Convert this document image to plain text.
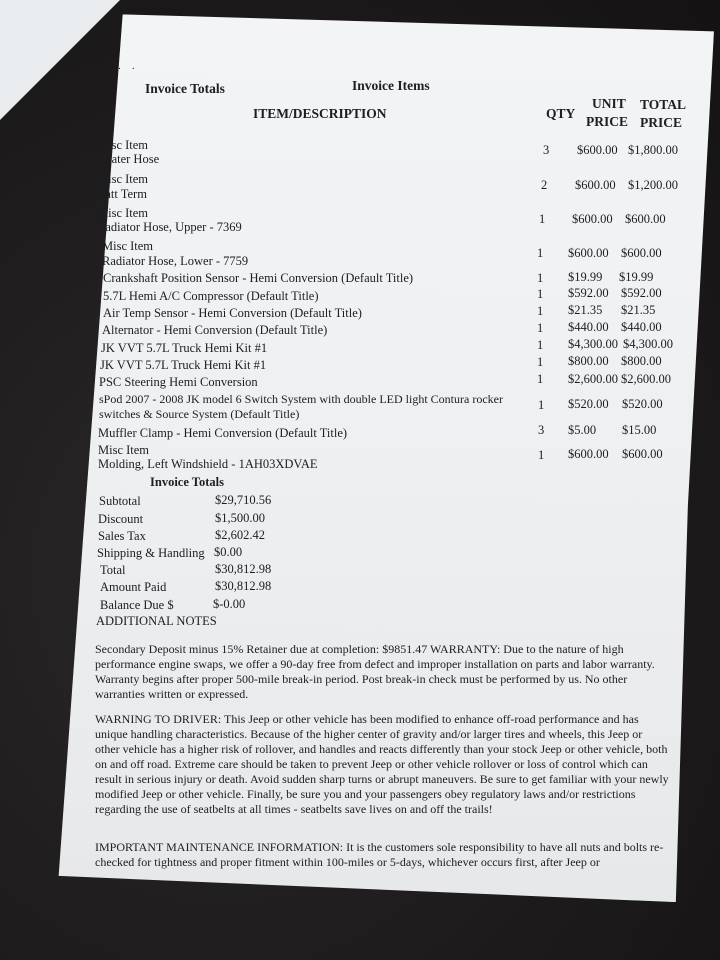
· · ·
Invoice Totals	Invoice Items
ITEM/DESCRIPTION	QTY
UNIT
PRICE
TOTAL
PRICE
Misc Item
Heater Hose
3 $600.00 $1,800.00
Misc Item
Batt Term
2 $600.00 $1,200.00
Misc Item
Radiator Hose, Upper - 7369
1 $600.00 $600.00
Misc Item
Radiator Hose, Lower - 7759
1 $600.00 $600.00
Crankshaft Position Sensor - Hemi Conversion (Default Title)	1 $19.99 $19.99
5.7L Hemi A/C Compressor (Default Title)	1 $592.00 $592.00
Air Temp Sensor - Hemi Conversion (Default Title)	1 $21.35 $21.35
Alternator - Hemi Conversion (Default Title)	1 $440.00 $440.00
JK VVT 5.7L Truck Hemi Kit #1	1 $4,300.00 $4,300.00
JK VVT 5.7L Truck Hemi Kit #1	1 $800.00 $800.00
PSC Steering Hemi Conversion	1 $2,600.00 $2,600.00
sPod 2007 - 2008 JK model 6 Switch System with double LED light Contura rocker
switches & Source System (Default Title)
1 $520.00 $520.00
Muffler Clamp - Hemi Conversion (Default Title)	3 $5.00 $15.00
Misc Item
Molding, Left Windshield - 1AH03XDVAE
1 $600.00 $600.00
Invoice Totals
Subtotal	$29,710.56
Discount	$1,500.00
Sales Tax	$2,602.42
Shipping & Handling $0.00
Total	$30,812.98
Amount Paid	$30,812.98
Balance Due $	$-0.00
ADDITIONAL NOTES
Secondary Deposit minus 15% Retainer due at completion: $9851.47 WARRANTY: Due to the nature of high performance engine swaps, we offer a 90-day free from defect and improper installation on parts and labor warranty. Warranty begins after proper 500-mile break-in period. Post break-in check must be performed by us. No other warranties written or expressed.
WARNING TO DRIVER: This Jeep or other vehicle has been modified to enhance off-road performance and has unique handling characteristics. Because of the higher center of gravity and/or larger tires and wheels, this Jeep or other vehicle has a higher risk of rollover, and handles and reacts differently than your stock Jeep or other vehicle, both on and off road. Extreme care should be taken to prevent Jeep or other vehicle rollover or loss of control which can result in serious injury or death. Avoid sudden sharp turns or abrupt maneuvers. Be sure to get familiar with your newly modified Jeep or other vehicle. Finally, be sure you and your passengers obey regulatory laws and/or restrictions regarding the use of seatbelts at all times - seatbelts save lives on and off the trails!
IMPORTANT MAINTENANCE INFORMATION: It is the customers sole responsibility to have all nuts and bolts re-checked for tightness and proper fitment within 100-miles or 5-days, whichever occurs first, after Jeep or
